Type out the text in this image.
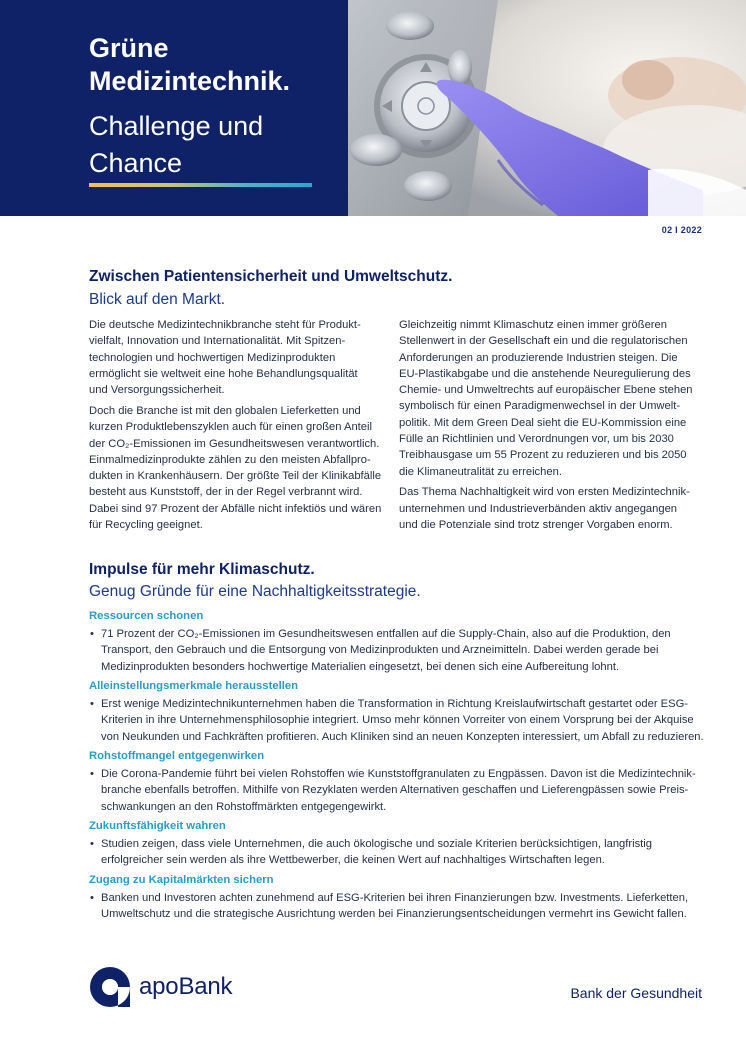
Grüne
Medizintechnik.
Challenge und
Chance
02 I 2022
Zwischen Patientensicherheit und Umweltschutz.
Blick auf den Markt.

Die deutsche Medizintechnikbranche steht für Produkt-
vielfalt, Innovation und Internationalität. Mit Spitzen-
technologien und hochwertigen Medizinprodukten
ermöglicht sie weltweit eine hohe Behandlungsqualität
und Versorgungssicherheit.

Doch die Branche ist mit den globalen Lieferketten und
kurzen Produktlebenszyklen auch für einen großen Anteil
der CO₂-Emissionen im Gesundheitswesen verantwortlich.
Einmalmedizinprodukte zählen zu den meisten Abfallpro-
dukten in Krankenhäusern. Der größte Teil der Klinikabfälle
besteht aus Kunststoff, der in der Regel verbrannt wird.
Dabei sind 97 Prozent der Abfälle nicht infektiös und wären
für Recycling geeignet.

Gleichzeitig nimmt Klimaschutz einen immer größeren
Stellenwert in der Gesellschaft ein und die regulatorischen
Anforderungen an produzierende Industrien steigen. Die
EU-Plastikabgabe und die anstehende Neuregulierung des
Chemie- und Umweltrechts auf europäischer Ebene stehen
symbolisch für einen Paradigmenwechsel in der Umwelt-
politik. Mit dem Green Deal sieht die EU-Kommission eine
Fülle an Richtlinien und Verordnungen vor, um bis 2030
Treibhausgase um 55 Prozent zu reduzieren und bis 2050
die Klimaneutralität zu erreichen.

Das Thema Nachhaltigkeit wird von ersten Medizintechnik-
unternehmen und Industrieverbänden aktiv angegangen
und die Potenziale sind trotz strenger Vorgaben enorm.

Impulse für mehr Klimaschutz.
Genug Gründe für eine Nachhaltigkeitsstrategie.
Ressourcen schonen
• 71 Prozent der CO₂-Emissionen im Gesundheitswesen entfallen auf die Supply-Chain, also auf die Produktion, den
Transport, den Gebrauch und die Entsorgung von Medizinprodukten und Arzneimitteln. Dabei werden gerade bei
Medizinprodukten besonders hochwertige Materialien eingesetzt, bei denen sich eine Aufbereitung lohnt.
Alleinstellungsmerkmale herausstellen
• Erst wenige Medizintechnikunternehmen haben die Transformation in Richtung Kreislaufwirtschaft gestartet oder ESG-
Kriterien in ihre Unternehmensphilosophie integriert. Umso mehr können Vorreiter von einem Vorsprung bei der Akquise
von Neukunden und Fachkräften profitieren. Auch Kliniken sind an neuen Konzepten interessiert, um Abfall zu reduzieren.
Rohstoffmangel entgegenwirken
• Die Corona-Pandemie führt bei vielen Rohstoffen wie Kunststoffgranulaten zu Engpässen. Davon ist die Medizintechnik-
branche ebenfalls betroffen. Mithilfe von Rezyklaten werden Alternativen geschaffen und Lieferengpässen sowie Preis-
schwankungen an den Rohstoffmärkten entgegengewirkt.
Zukunftsfähigkeit wahren
• Studien zeigen, dass viele Unternehmen, die auch ökologische und soziale Kriterien berücksichtigen, langfristig
erfolgreicher sein werden als ihre Wettbewerber, die keinen Wert auf nachhaltiges Wirtschaften legen.
Zugang zu Kapitalmärkten sichern
• Banken und Investoren achten zunehmend auf ESG-Kriterien bei ihren Finanzierungen bzw. Investments. Lieferketten,
Umweltschutz und die strategische Ausrichtung werden bei Finanzierungsentscheidungen vermehrt ins Gewicht fallen.
apoBank	Bank der Gesundheit
